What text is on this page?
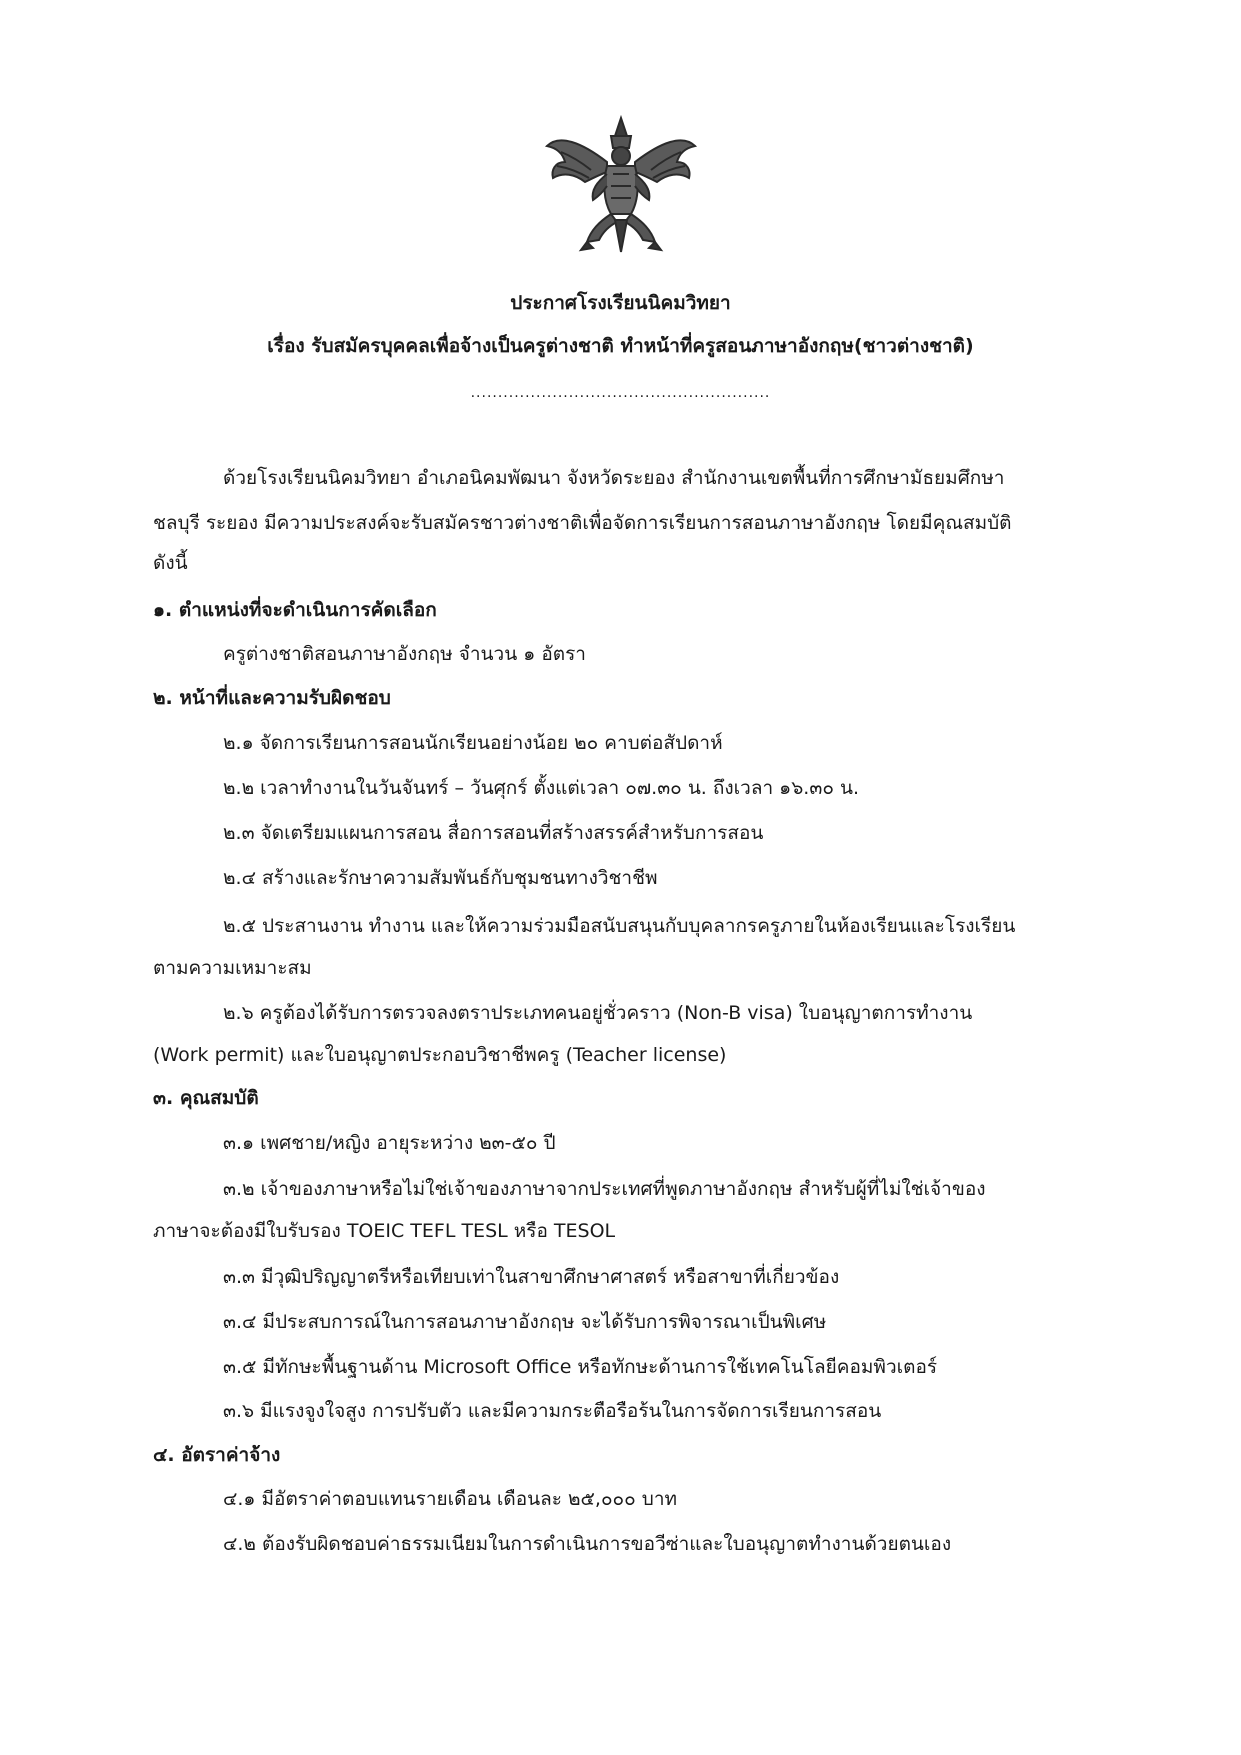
ประกาศโรงเรียนนิคมวิทยา
เรื่อง รับสมัครบุคคลเพื่อจ้างเป็นครูต่างชาติ ทำหน้าที่ครูสอนภาษาอังกฤษ(ชาวต่างชาติ)
.......................................................
ด้วยโรงเรียนนิคมวิทยา อำเภอนิคมพัฒนา จังหวัดระยอง สำนักงานเขตพื้นที่การศึกษามัธยมศึกษา
ชลบุรี ระยอง มีความประสงค์จะรับสมัครชาวต่างชาติเพื่อจัดการเรียนการสอนภาษาอังกฤษ โดยมีคุณสมบัติ
ดังนี้
๑. ตำแหน่งที่จะดำเนินการคัดเลือก
ครูต่างชาติสอนภาษาอังกฤษ จำนวน ๑ อัตรา
๒. หน้าที่และความรับผิดชอบ
๒.๑ จัดการเรียนการสอนนักเรียนอย่างน้อย ๒๐ คาบต่อสัปดาห์
๒.๒ เวลาทำงานในวันจันทร์ – วันศุกร์ ตั้งแต่เวลา ๐๗.๓๐ น. ถึงเวลา ๑๖.๓๐ น.
๒.๓ จัดเตรียมแผนการสอน สื่อการสอนที่สร้างสรรค์สำหรับการสอน
๒.๔ สร้างและรักษาความสัมพันธ์กับชุมชนทางวิชาชีพ
๒.๕ ประสานงาน ทำงาน และให้ความร่วมมือสนับสนุนกับบุคลากรครูภายในห้องเรียนและโรงเรียน
ตามความเหมาะสม
๒.๖ ครูต้องได้รับการตรวจลงตราประเภทคนอยู่ชั่วคราว (Non-B visa) ใบอนุญาตการทำงาน
(Work permit) และใบอนุญาตประกอบวิชาชีพครู (Teacher license)
๓. คุณสมบัติ
๓.๑ เพศชาย/หญิง อายุระหว่าง ๒๓-๕๐ ปี
๓.๒ เจ้าของภาษาหรือไม่ใช่เจ้าของภาษาจากประเทศที่พูดภาษาอังกฤษ สำหรับผู้ที่ไม่ใช่เจ้าของ
ภาษาจะต้องมีใบรับรอง TOEIC TEFL TESL หรือ TESOL
๓.๓ มีวุฒิปริญญาตรีหรือเทียบเท่าในสาขาศึกษาศาสตร์ หรือสาขาที่เกี่ยวข้อง
๓.๔ มีประสบการณ์ในการสอนภาษาอังกฤษ จะได้รับการพิจารณาเป็นพิเศษ
๓.๕ มีทักษะพื้นฐานด้าน Microsoft Office หรือทักษะด้านการใช้เทคโนโลยีคอมพิวเตอร์
๓.๖ มีแรงจูงใจสูง การปรับตัว และมีความกระตือรือร้นในการจัดการเรียนการสอน
๔. อัตราค่าจ้าง
๔.๑ มีอัตราค่าตอบแทนรายเดือน เดือนละ ๒๕,๐๐๐ บาท
๔.๒ ต้องรับผิดชอบค่าธรรมเนียมในการดำเนินการขอวีซ่าและใบอนุญาตทำงานด้วยตนเอง
